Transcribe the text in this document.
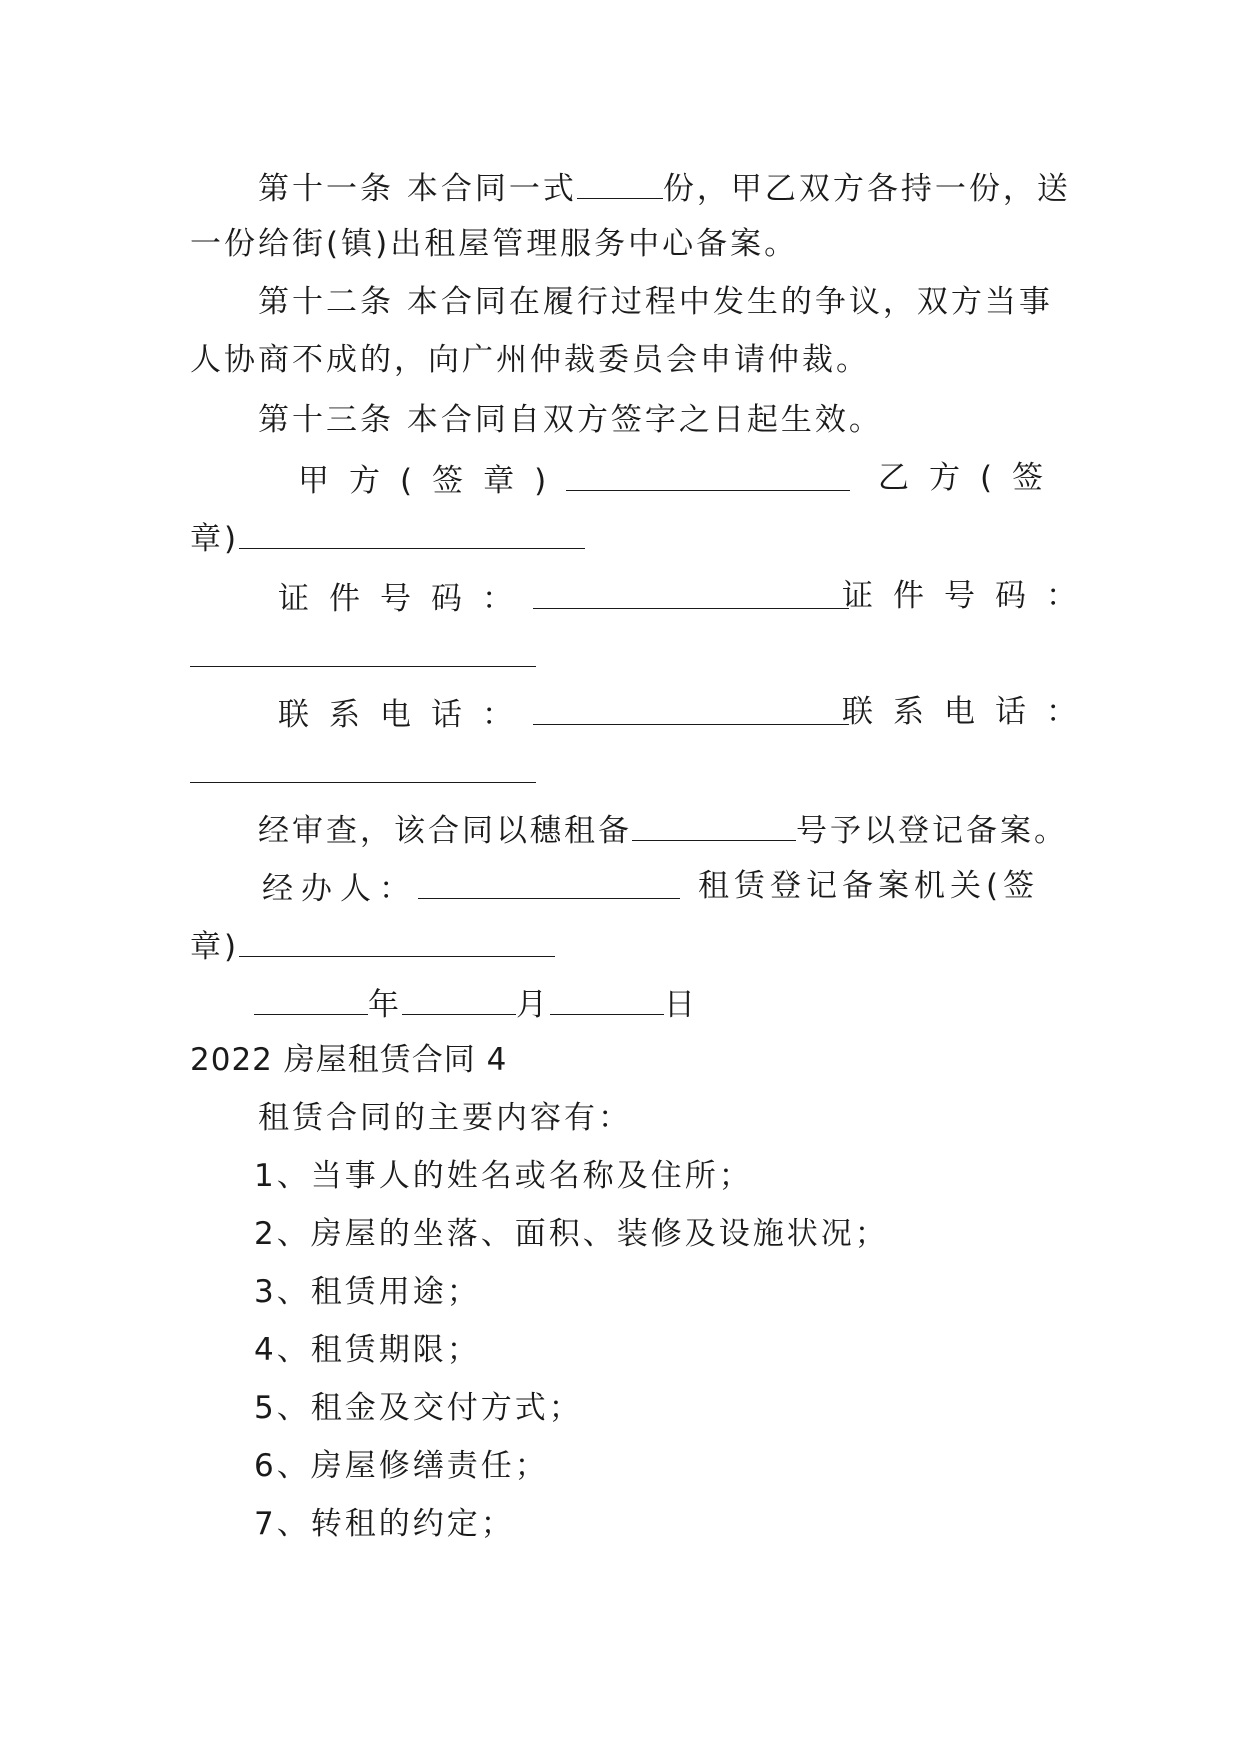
第十一条 本合同一式	份，甲乙双方各持一份，送
一份给街(镇)出租屋管理服务中心备案。
第十二条 本合同在履行过程中发生的争议，双方当事
人协商不成的，向广州仲裁委员会申请仲裁。
第十三条 本合同自双方签字之日起生效。
甲方(签章)	乙方(签
章)
证件号码：	证件号码：
联系电话：	联系电话：
经审查，该合同以穗租备	号予以登记备案。
经办人：	租赁登记备案机关(签
章)
年	月	日
2022 房屋租赁合同 4
租赁合同的主要内容有：
1、当事人的姓名或名称及住所；
2、房屋的坐落、面积、装修及设施状况；
3、租赁用途；
4、租赁期限；
5、租金及交付方式；
6、房屋修缮责任；
7、转租的约定；
